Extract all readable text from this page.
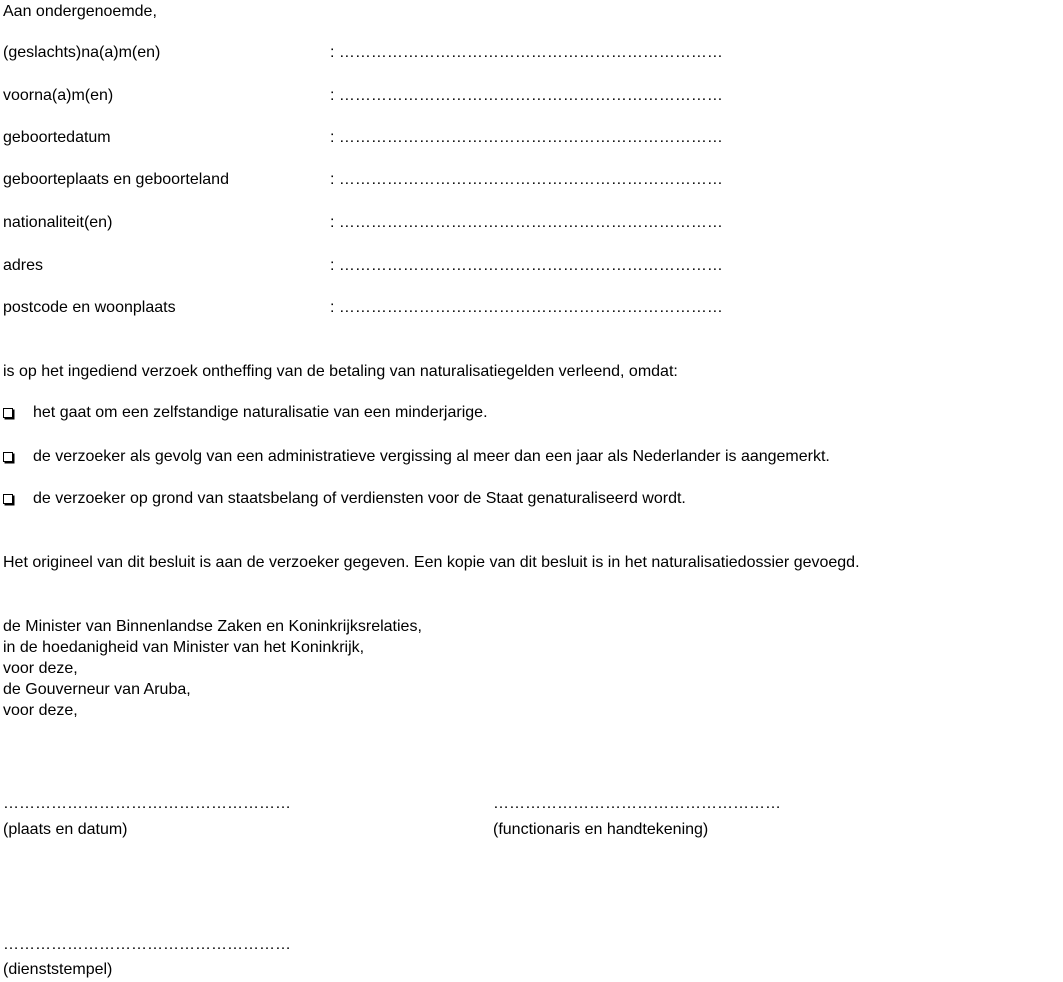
Aan ondergenoemde,
(geslachts)na(a)m(en)	: ………………………………………………………………
voorna(a)m(en)	: ………………………………………………………………
geboortedatum	: ………………………………………………………………
geboorteplaats en geboorteland	: ………………………………………………………………
nationaliteit(en)	: ………………………………………………………………
adres	: ………………………………………………………………
postcode en woonplaats	: ………………………………………………………………
is op het ingediend verzoek ontheffing van de betaling van naturalisatiegelden verleend, omdat:
het gaat om een zelfstandige naturalisatie van een minderjarige.
de verzoeker als gevolg van een administratieve vergissing al meer dan een jaar als Nederlander is aangemerkt.
de verzoeker op grond van staatsbelang of verdiensten voor de Staat genaturaliseerd wordt.
Het origineel van dit besluit is aan de verzoeker gegeven. Een kopie van dit besluit is in het naturalisatiedossier gevoegd.
de Minister van Binnenlandse Zaken en Koninkrijksrelaties,
in de hoedanigheid van Minister van het Koninkrijk,
voor deze,
de Gouverneur van Aruba,
voor deze,
………………………………………………
(plaats en datum)
………………………………………………
(functionaris en handtekening)
………………………………………………
(dienststempel)
